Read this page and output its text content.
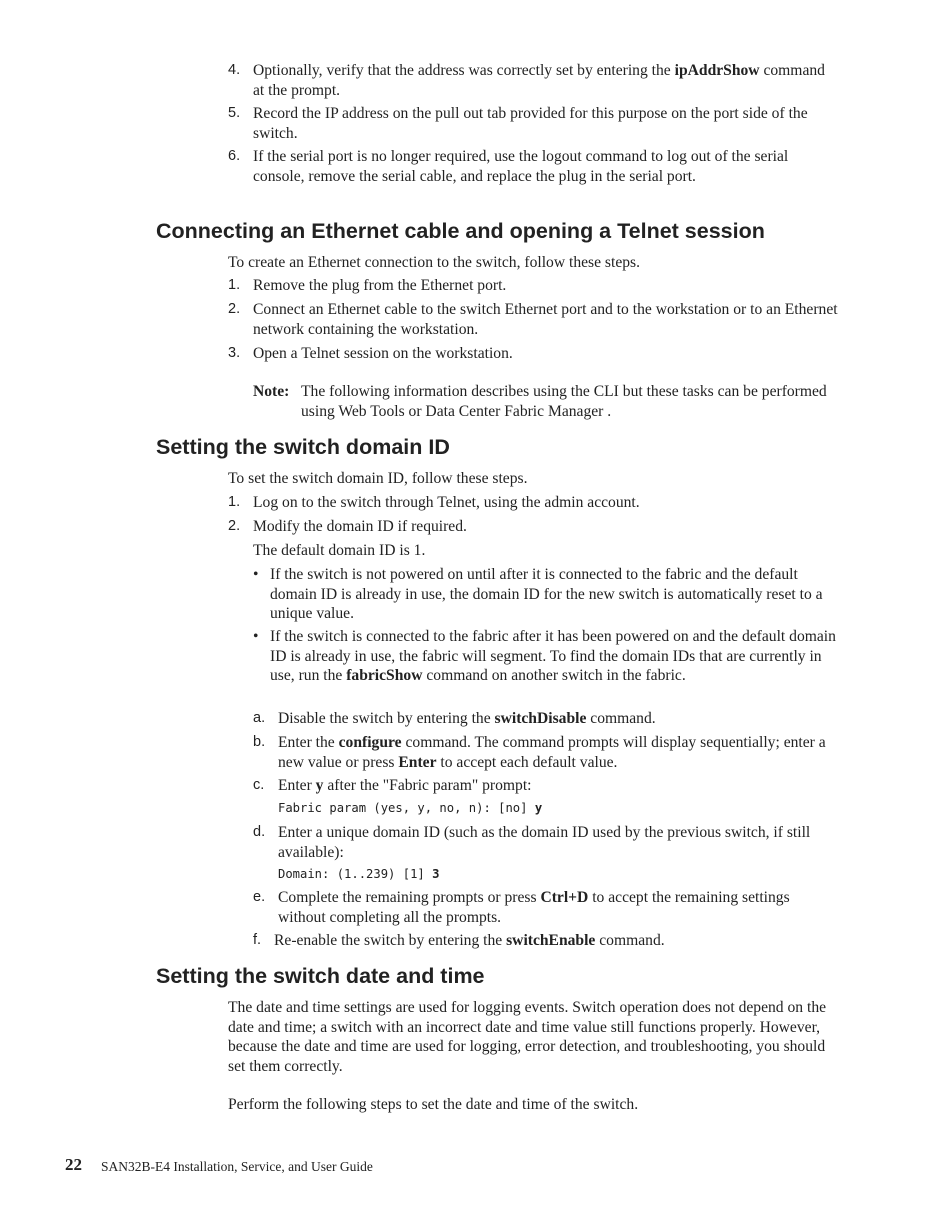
4. Optionally, verify that the address was correctly set by entering the ipAddrShow command at the prompt.
5. Record the IP address on the pull out tab provided for this purpose on the port side of the switch.
6. If the serial port is no longer required, use the logout command to log out of the serial console, remove the serial cable, and replace the plug in the serial port.
Connecting an Ethernet cable and opening a Telnet session
To create an Ethernet connection to the switch, follow these steps.
1. Remove the plug from the Ethernet port.
2. Connect an Ethernet cable to the switch Ethernet port and to the workstation or to an Ethernet network containing the workstation.
3. Open a Telnet session on the workstation.
Note: The following information describes using the CLI but these tasks can be performed using Web Tools or Data Center Fabric Manager .
Setting the switch domain ID
To set the switch domain ID, follow these steps.
1. Log on to the switch through Telnet, using the admin account.
2. Modify the domain ID if required.
The default domain ID is 1.
• If the switch is not powered on until after it is connected to the fabric and the default domain ID is already in use, the domain ID for the new switch is automatically reset to a unique value.
• If the switch is connected to the fabric after it has been powered on and the default domain ID is already in use, the fabric will segment. To find the domain IDs that are currently in use, run the fabricShow command on another switch in the fabric.
a. Disable the switch by entering the switchDisable command.
b. Enter the configure command. The command prompts will display sequentially; enter a new value or press Enter to accept each default value.
c. Enter y after the "Fabric param" prompt:
Fabric param (yes, y, no, n): [no] y
d. Enter a unique domain ID (such as the domain ID used by the previous switch, if still available):
Domain: (1..239) [1] 3
e. Complete the remaining prompts or press Ctrl+D to accept the remaining settings without completing all the prompts.
f. Re-enable the switch by entering the switchEnable command.
Setting the switch date and time
The date and time settings are used for logging events. Switch operation does not depend on the date and time; a switch with an incorrect date and time value still functions properly. However, because the date and time are used for logging, error detection, and troubleshooting, you should set them correctly.
Perform the following steps to set the date and time of the switch.
22 SAN32B-E4 Installation, Service, and User Guide
